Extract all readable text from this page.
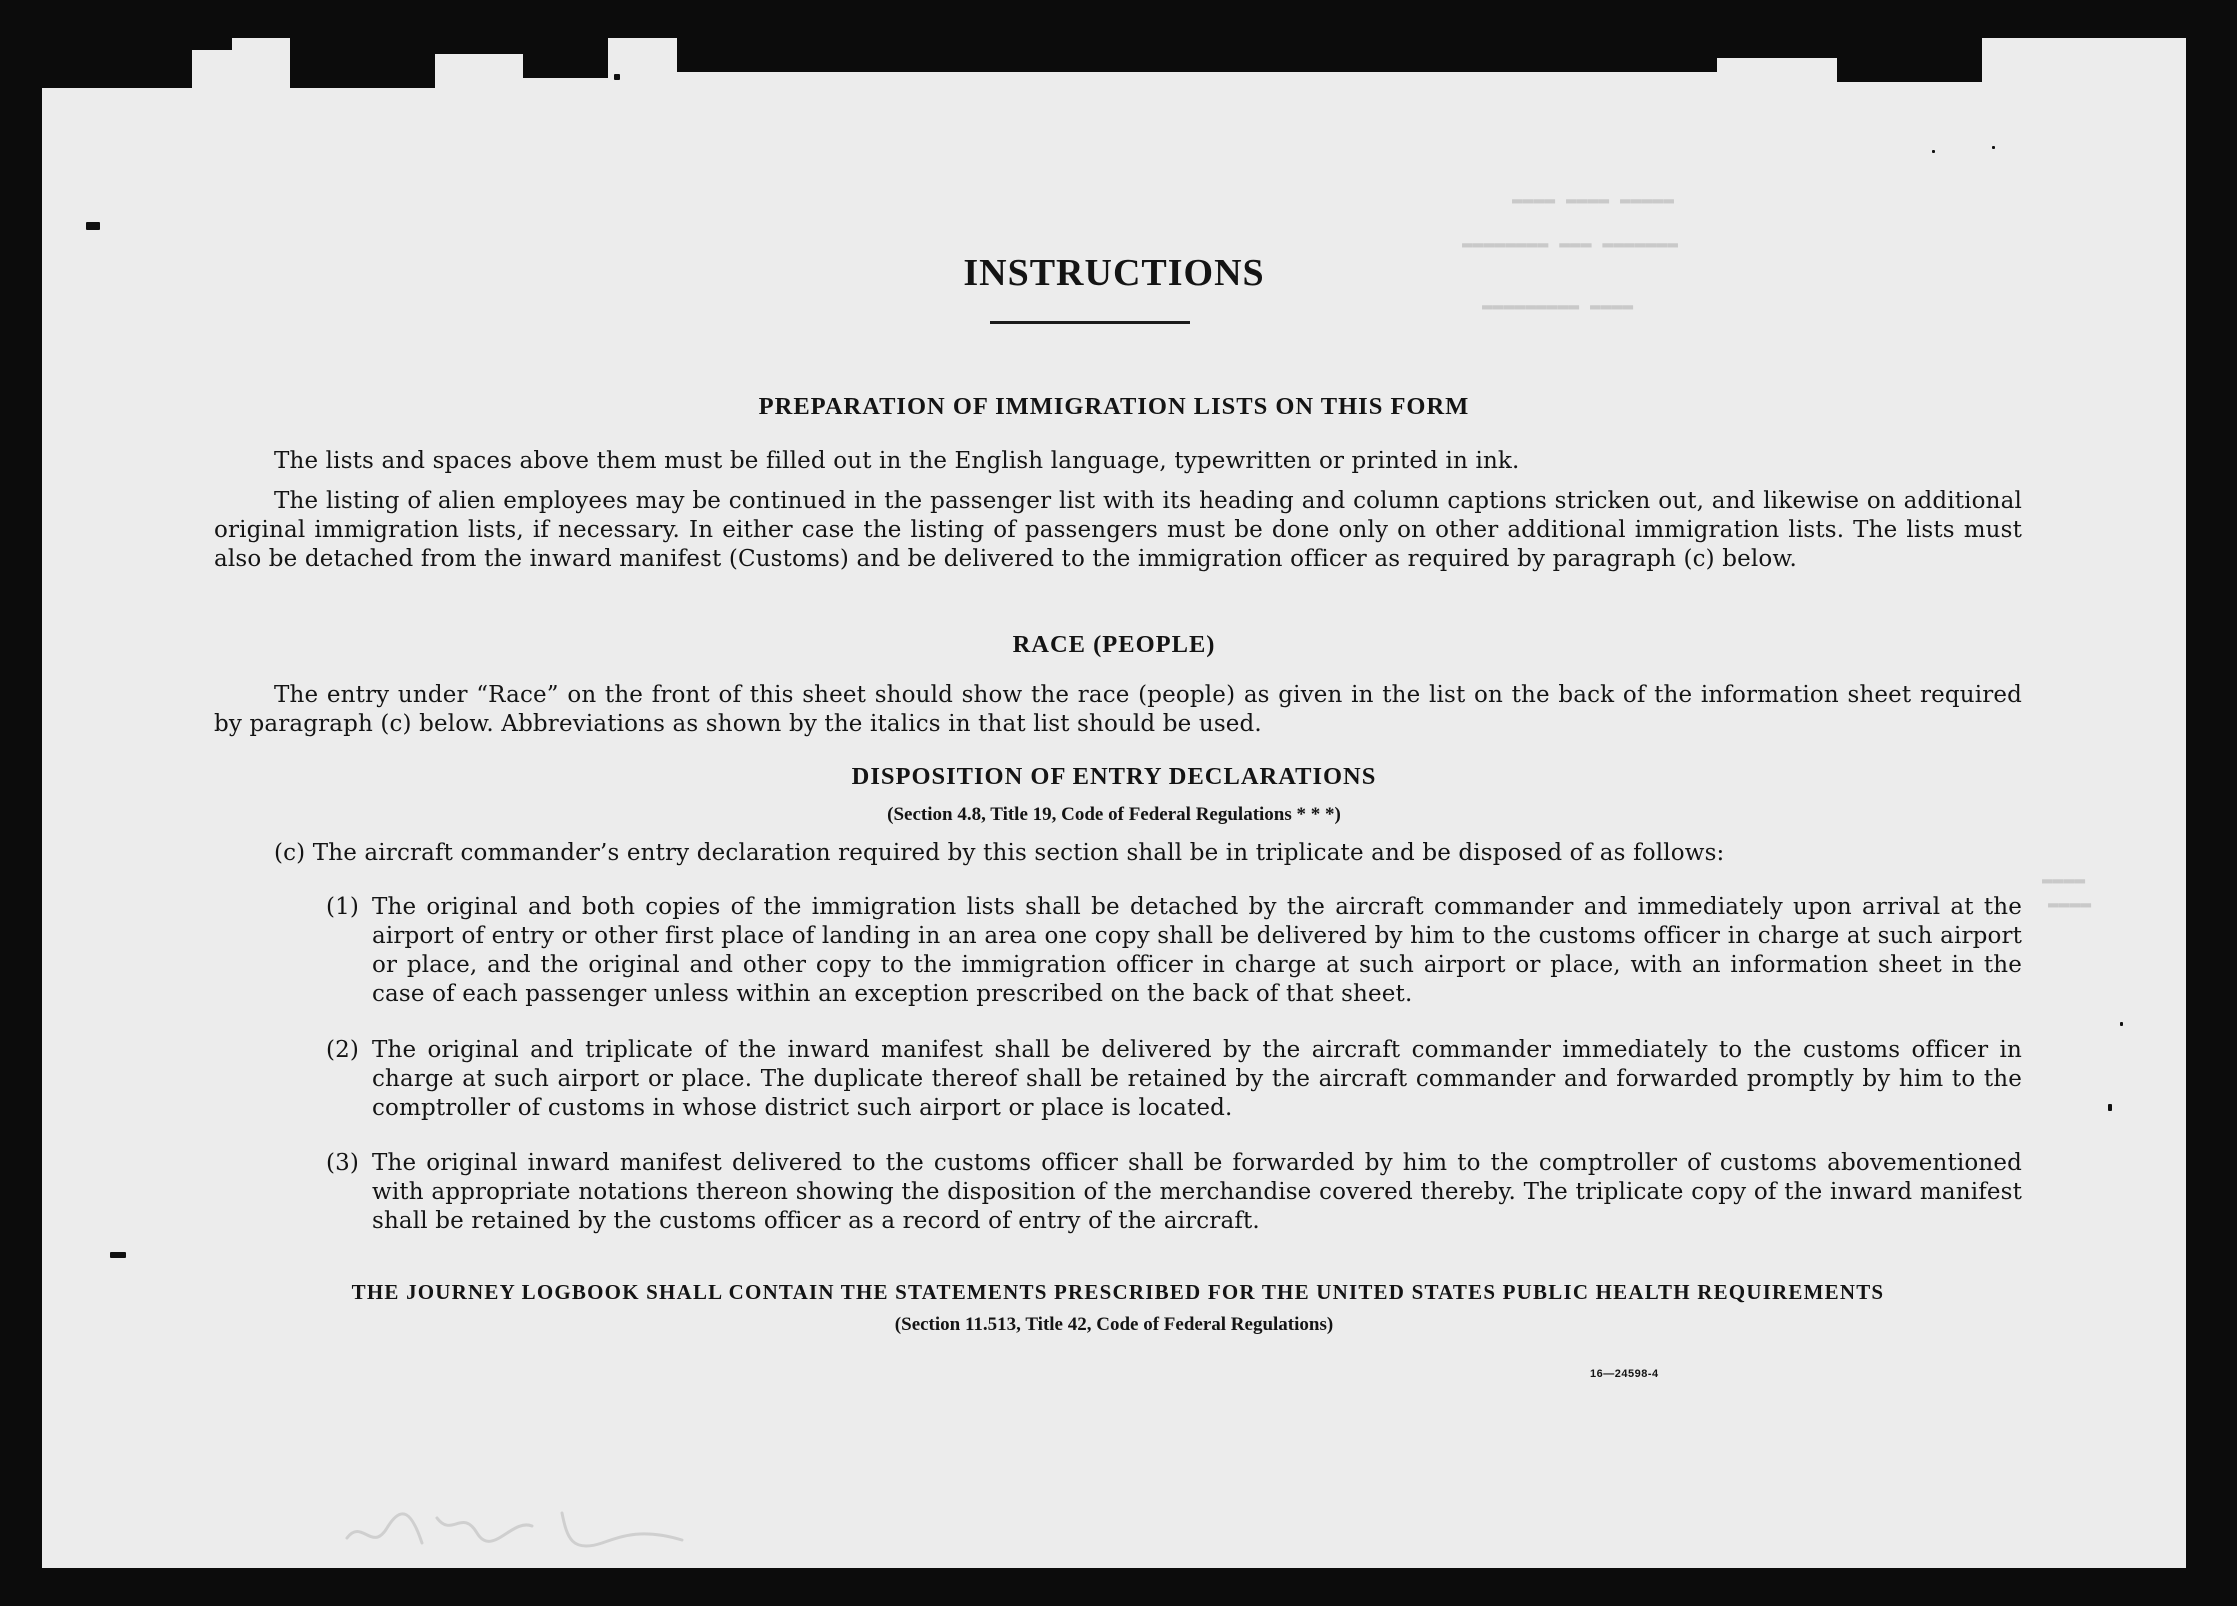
▬▬▬▬ ▬▬▬▬ ▬▬▬▬▬
▬▬▬▬▬▬▬▬ ▬▬▬ ▬▬▬▬▬▬▬
▬▬▬▬▬▬▬▬▬ ▬▬▬▬
▬▬▬▬
▬▬▬▬
INSTRUCTIONS
PREPARATION OF IMMIGRATION LISTS ON THIS FORM

The lists and spaces above them must be filled out in the English language, typewritten or printed in ink.

The listing of alien employees may be continued in the passenger list with its heading and column captions stricken out, and likewise on additional original immigration lists, if necessary. In either case the listing of passengers must be done only on other additional immigration lists. The lists must also be detached from the inward manifest (Customs) and be delivered to the immigration officer as required by paragraph (c) below.

RACE (PEOPLE)

The entry under “Race” on the front of this sheet should show the race (people) as given in the list on the back of the information sheet required by paragraph (c) below. Abbreviations as shown by the italics in that list should be used.

DISPOSITION OF ENTRY DECLARATIONS

(Section 4.8, Title 19, Code of Federal Regulations * * *)

(c) The aircraft commander’s entry declaration required by this section shall be in triplicate and be disposed of as follows:

(1) The original and both copies of the immigration lists shall be detached by the aircraft commander and immediately upon arrival at the airport of entry or other first place of landing in an area one copy shall be delivered by him to the customs officer in charge at such airport or place, and the original and other copy to the immigration officer in charge at such airport or place, with an information sheet in the case of each passenger unless within an exception prescribed on the back of that sheet.

(2) The original and triplicate of the inward manifest shall be delivered by the aircraft commander immediately to the customs officer in charge at such airport or place. The duplicate thereof shall be retained by the aircraft commander and forwarded promptly by him to the comptroller of customs in whose district such airport or place is located.

(3) The original inward manifest delivered to the customs officer shall be forwarded by him to the comptroller of customs abovementioned with appropriate notations thereon showing the disposition of the merchandise covered thereby. The triplicate copy of the inward manifest shall be retained by the customs officer as a record of entry of the aircraft.

THE JOURNEY LOGBOOK SHALL CONTAIN THE STATEMENTS PRESCRIBED FOR THE UNITED STATES PUBLIC HEALTH REQUIREMENTS

(Section 11.513, Title 42, Code of Federal Regulations)

16—24598-4
